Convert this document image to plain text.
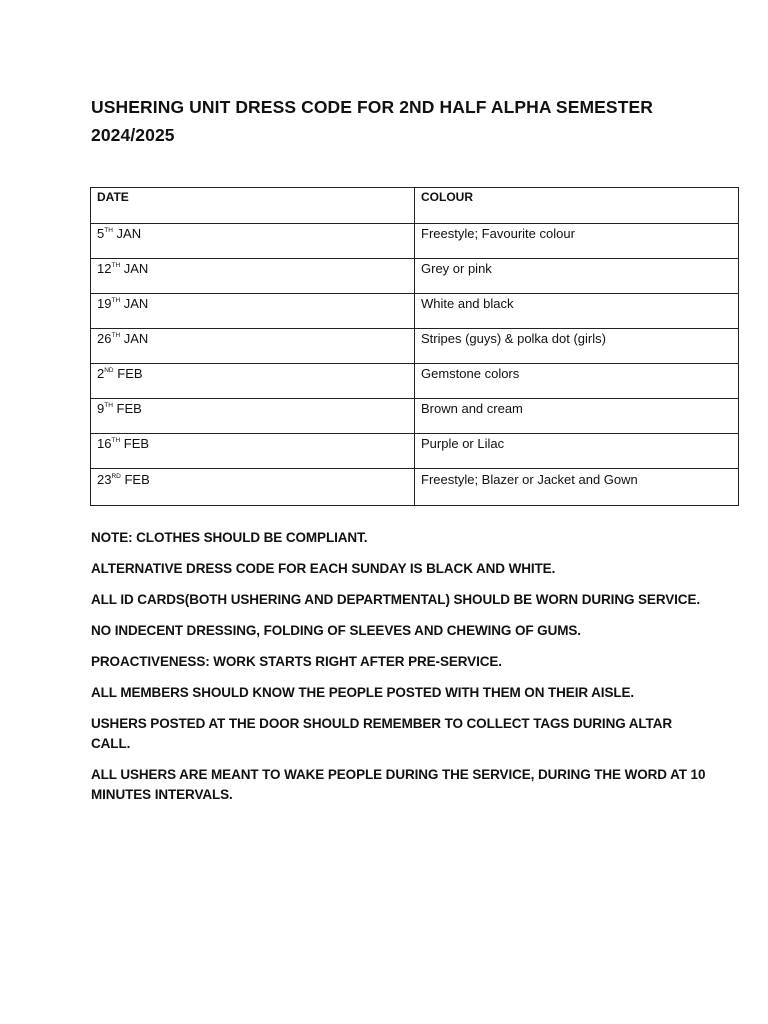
USHERING UNIT DRESS CODE FOR 2ND HALF ALPHA SEMESTER 2024/2025
DATE	COLOUR
5TH JAN	Freestyle; Favourite colour
12TH JAN	Grey or pink
19TH JAN	White and black
26TH JAN	Stripes (guys) & polka dot (girls)
2ND FEB	Gemstone colors
9TH FEB	Brown and cream
16TH FEB	Purple or Lilac
23RD FEB	Freestyle; Blazer or Jacket and Gown

NOTE: CLOTHES SHOULD BE COMPLIANT.

ALTERNATIVE DRESS CODE FOR EACH SUNDAY IS BLACK AND WHITE.

ALL ID CARDS(BOTH USHERING AND DEPARTMENTAL) SHOULD BE WORN DURING SERVICE.

NO INDECENT DRESSING, FOLDING OF SLEEVES AND CHEWING OF GUMS.

PROACTIVENESS: WORK STARTS RIGHT AFTER PRE-SERVICE.

ALL MEMBERS SHOULD KNOW THE PEOPLE POSTED WITH THEM ON THEIR AISLE.

USHERS POSTED AT THE DOOR SHOULD REMEMBER TO COLLECT TAGS DURING ALTAR CALL.

ALL USHERS ARE MEANT TO WAKE PEOPLE DURING THE SERVICE, DURING THE WORD AT 10 MINUTES INTERVALS.
